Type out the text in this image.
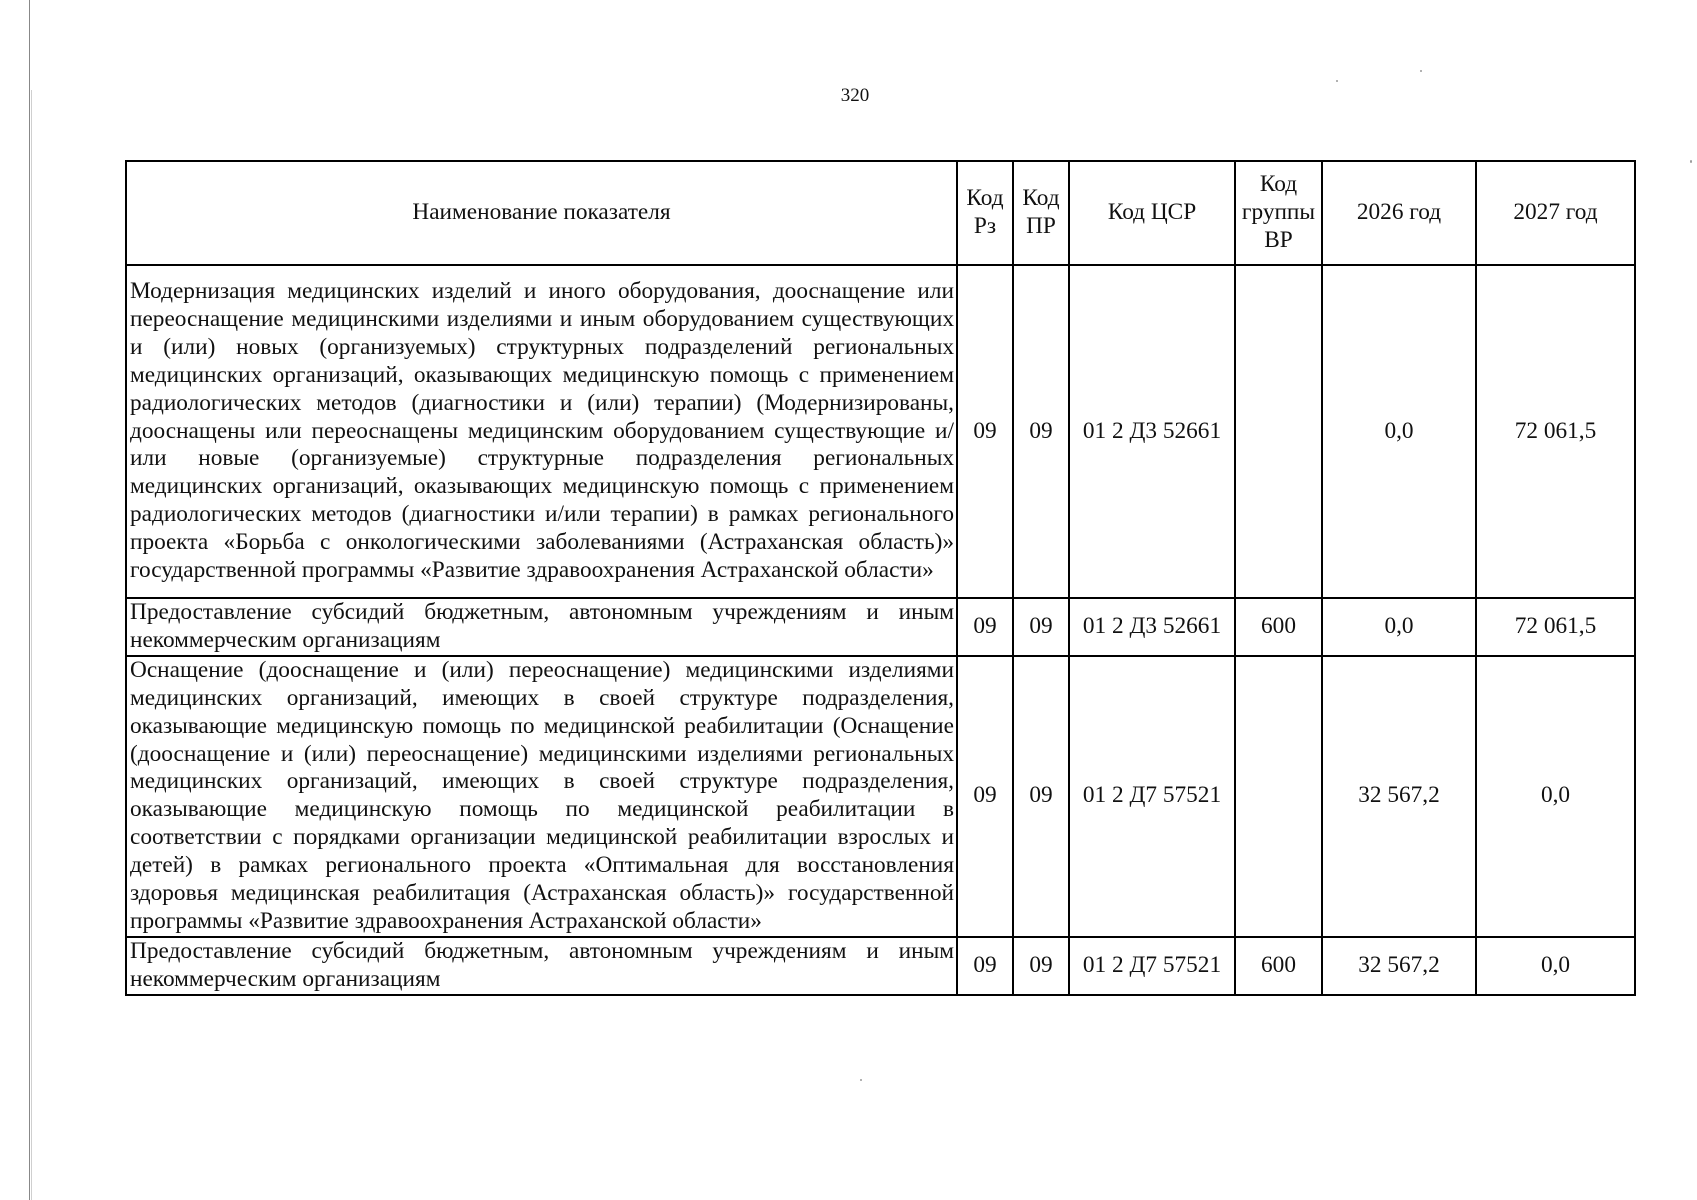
320
Наименование показателя	Код Рз	Код ПР	Код ЦСР	Код группы ВР	2026 год	2027 год
Модернизация медицинских изделий и иного оборудования, дооснащение или переоснащение медицинскими изделиями и иным оборудованием существующих и (или) новых (организуемых) структурных подразделений региональных медицинских организаций, оказывающих медицинскую помощь с применением радиологических методов (диагностики и (или) терапии) (Модернизированы, дооснащены или переоснащены медицинским оборудованием существующие и/или новые (организуемые) структурные подразделения региональных медицинских организаций, оказывающих медицинскую помощь с применением радиологических методов (диагностики и/или терапии) в рамках регионального проекта «Борьба с онкологическими заболеваниями (Астраханская область)» государственной программы «Развитие здравоохранения Астраханской области»	09	09	01 2 Д3 52661		0,0	72 061,5
Предоставление субсидий бюджетным, автономным учреждениям и иным некоммерческим организациям	09	09	01 2 Д3 52661	600	0,0	72 061,5
Оснащение (дооснащение и (или) переоснащение) медицинскими изделиями медицинских организаций, имеющих в своей структуре подразделения, оказывающие медицинскую помощь по медицинской реабилитации (Оснащение (дооснащение и (или) переоснащение) медицинскими изделиями региональных медицинских организаций, имеющих в своей структуре подразделения, оказывающие медицинскую помощь по медицинской реабилитации в соответствии с порядками организации медицинской реабилитации взрослых и детей) в рамках регионального проекта «Оптимальная для восстановления здоровья медицинская реабилитация (Астраханская область)» государственной программы «Развитие здравоохранения Астраханской области»	09	09	01 2 Д7 57521		32 567,2	0,0
Предоставление субсидий бюджетным, автономным учреждениям и иным некоммерческим организациям	09	09	01 2 Д7 57521	600	32 567,2	0,0
